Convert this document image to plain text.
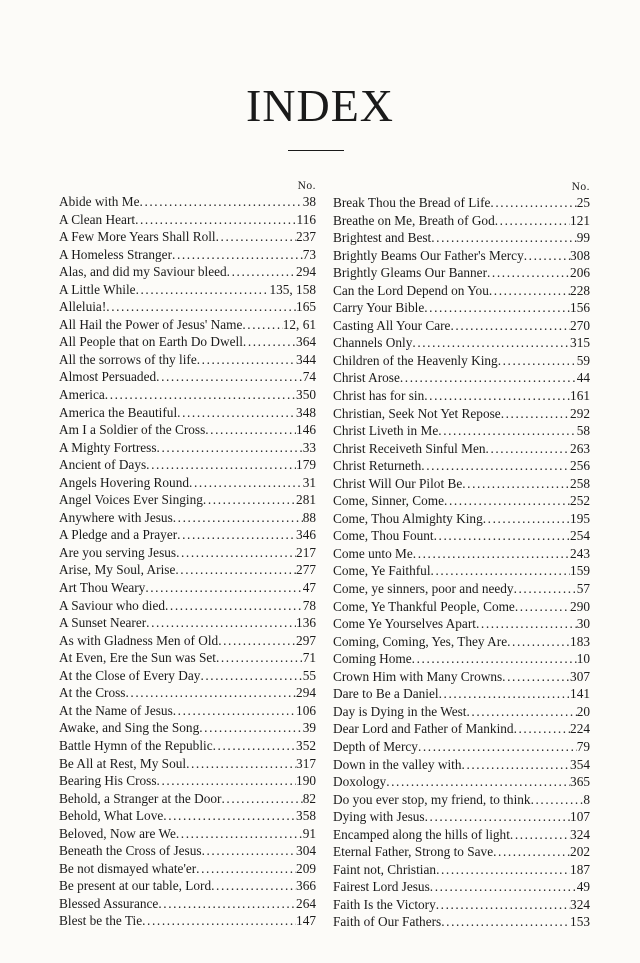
INDEX
No.
Abide with Me .....	38
A Clean Heart .....	116
A Few More Years Shall Roll .....	237
A Homeless Stranger .....	73
Alas, and did my Saviour bleed .....	294
A Little While .....	135, 158
Alleluia! .....	165
All Hail the Power of Jesus' Name .....	12, 61
All People that on Earth Do Dwell .....	364
All the sorrows of thy life .....	344
Almost Persuaded .....	74
America .....	350
America the Beautiful .....	348
Am I a Soldier of the Cross .....	146
A Mighty Fortress .....	33
Ancient of Days .....	179
Angels Hovering Round .....	31
Angel Voices Ever Singing .....	281
Anywhere with Jesus .....	88
A Pledge and a Prayer .....	346
Are you serving Jesus .....	217
Arise, My Soul, Arise .....	277
Art Thou Weary .....	47
A Saviour who died .....	78
A Sunset Nearer .....	136
As with Gladness Men of Old .....	297
At Even, Ere the Sun was Set .....	71
At the Close of Every Day .....	55
At the Cross .....	294
At the Name of Jesus .....	106
Awake, and Sing the Song .....	39
Battle Hymn of the Republic .....	352
Be All at Rest, My Soul .....	317
Bearing His Cross .....	190
Behold, a Stranger at the Door .....	82
Behold, What Love .....	358
Beloved, Now are We .....	91
Beneath the Cross of Jesus .....	304
Be not dismayed whate'er .....	209
Be present at our table, Lord .....	366
Blessed Assurance .....	264
Blest be the Tie .....	147
No.
Break Thou the Bread of Life .....	25
Breathe on Me, Breath of God .....	121
Brightest and Best .....	99
Brightly Beams Our Father's Mercy .....	308
Brightly Gleams Our Banner .....	206
Can the Lord Depend on You .....	228
Carry Your Bible .....	156
Casting All Your Care .....	270
Channels Only .....	315
Children of the Heavenly King .....	59
Christ Arose .....	44
Christ has for sin .....	161
Christian, Seek Not Yet Repose .....	292
Christ Liveth in Me .....	58
Christ Receiveth Sinful Men .....	263
Christ Returneth .....	256
Christ Will Our Pilot Be .....	258
Come, Sinner, Come .....	252
Come, Thou Almighty King .....	195
Come, Thou Fount .....	254
Come unto Me .....	243
Come, Ye Faithful .....	159
Come, ye sinners, poor and needy .....	57
Come, Ye Thankful People, Come .....	290
Come Ye Yourselves Apart .....	30
Coming, Coming, Yes, They Are .....	183
Coming Home .....	10
Crown Him with Many Crowns .....	307
Dare to Be a Daniel .....	141
Day is Dying in the West .....	20
Dear Lord and Father of Mankind .....	224
Depth of Mercy .....	79
Down in the valley with .....	354
Doxology .....	365
Do you ever stop, my friend, to think .....	8
Dying with Jesus .....	107
Encamped along the hills of light .....	324
Eternal Father, Strong to Save .....	202
Faint not, Christian .....	187
Fairest Lord Jesus .....	49
Faith Is the Victory .....	324
Faith of Our Fathers .....	153
